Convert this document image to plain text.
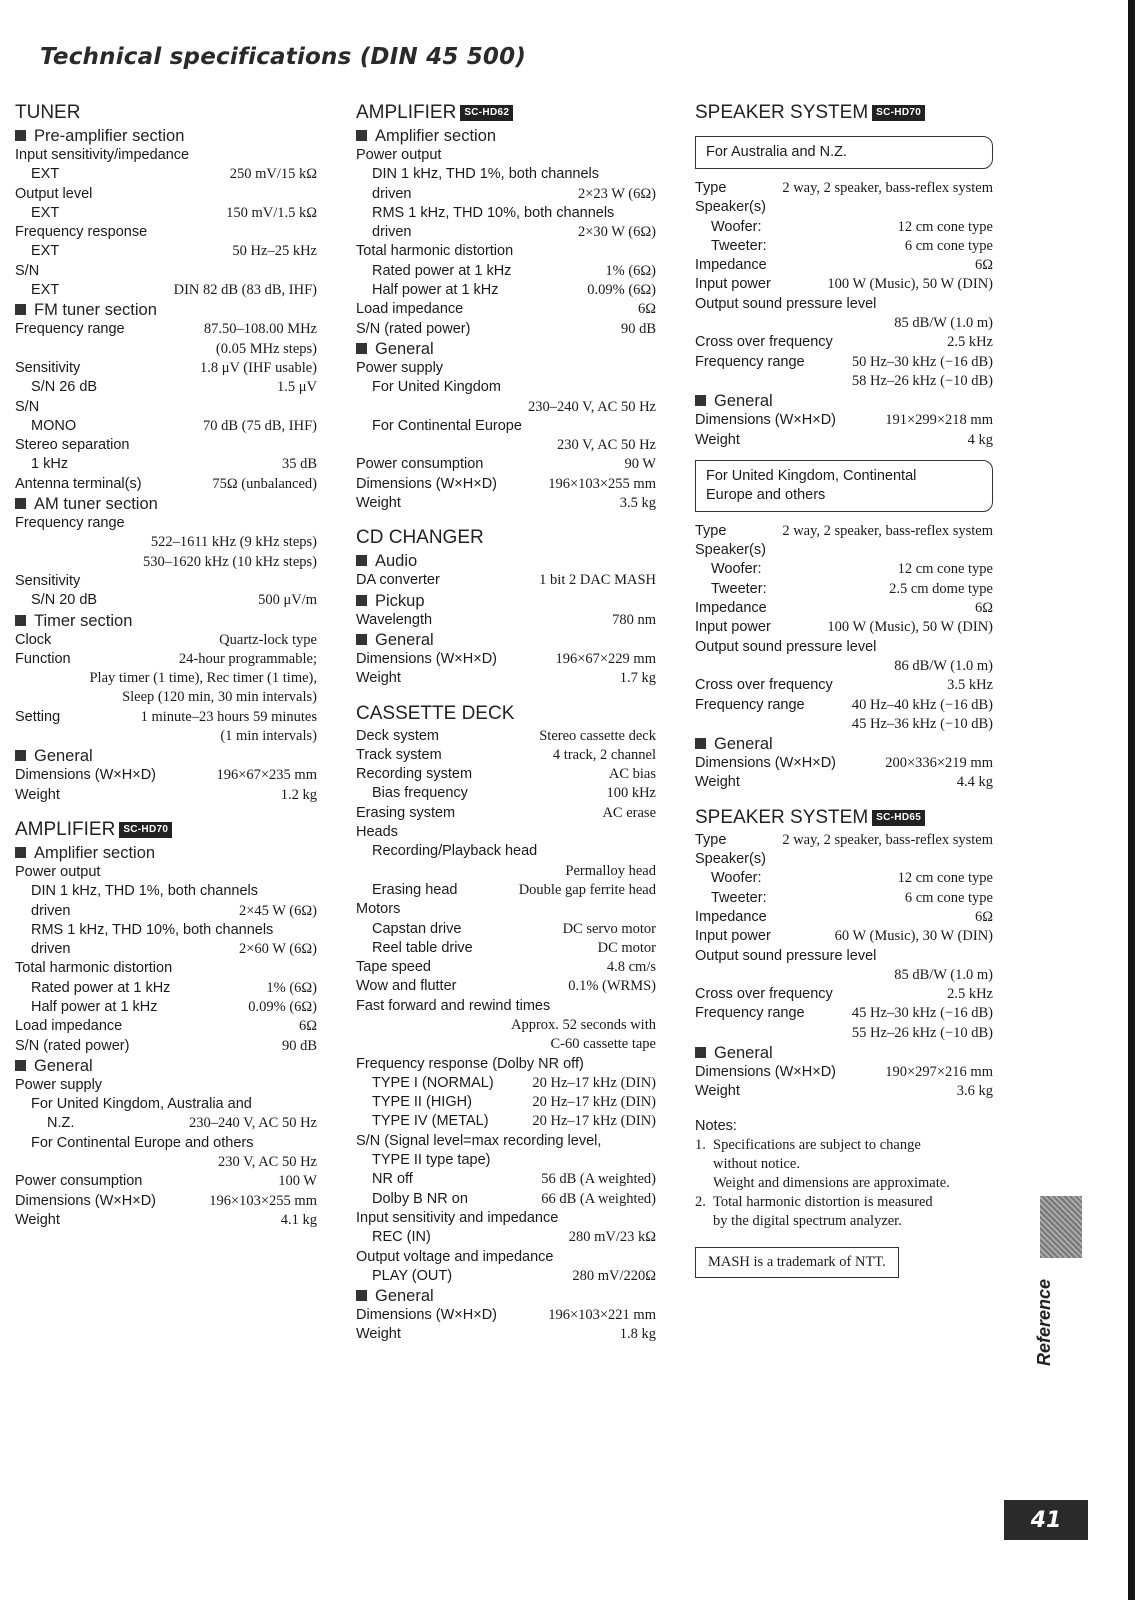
Technical specifications (DIN 45 500)
TUNER
Pre-amplifier section
Input sensitivity/impedance
EXT	250 mV/15 kΩ
Output level
EXT	150 mV/1.5 kΩ
Frequency response
EXT	50 Hz–25 kHz
S/N
EXT	DIN 82 dB (83 dB, IHF)
FM tuner section
Frequency range	87.50–108.00 MHz
(0.05 MHz steps)
Sensitivity	1.8 μV (IHF usable)
S/N 26 dB	1.5 μV
S/N
MONO	70 dB (75 dB, IHF)
Stereo separation
1 kHz	35 dB
Antenna terminal(s)	75Ω (unbalanced)
AM tuner section
Frequency range
522–1611 kHz (9 kHz steps)
530–1620 kHz (10 kHz steps)
Sensitivity
S/N 20 dB	500 μV/m
Timer section
Clock	Quartz-lock type
Function	24-hour programmable;
Play timer (1 time), Rec timer (1 time),
Sleep (120 min, 30 min intervals)
Setting	1 minute–23 hours 59 minutes
(1 min intervals)
General
Dimensions (W×H×D)	196×67×235 mm
Weight	1.2 kg
AMPLIFIER SC-HD70
Amplifier section
Power output
DIN 1 kHz, THD 1%, both channels
driven	2×45 W (6Ω)
RMS 1 kHz, THD 10%, both channels
driven	2×60 W (6Ω)
Total harmonic distortion
Rated power at 1 kHz	1% (6Ω)
Half power at 1 kHz	0.09% (6Ω)
Load impedance	6Ω
S/N (rated power)	90 dB
General
Power supply
For United Kingdom, Australia and
N.Z.	230–240 V, AC 50 Hz
For Continental Europe and others
230 V, AC 50 Hz
Power consumption	100 W
Dimensions (W×H×D)	196×103×255 mm
Weight	4.1 kg
AMPLIFIER SC-HD62
Amplifier section
Power output
DIN 1 kHz, THD 1%, both channels
driven	2×23 W (6Ω)
RMS 1 kHz, THD 10%, both channels
driven	2×30 W (6Ω)
Total harmonic distortion
Rated power at 1 kHz	1% (6Ω)
Half power at 1 kHz	0.09% (6Ω)
Load impedance	6Ω
S/N (rated power)	90 dB
General
Power supply
For United Kingdom
230–240 V, AC 50 Hz
For Continental Europe
230 V, AC 50 Hz
Power consumption	90 W
Dimensions (W×H×D)	196×103×255 mm
Weight	3.5 kg
CD CHANGER
Audio
DA converter	1 bit 2 DAC MASH
Pickup
Wavelength	780 nm
General
Dimensions (W×H×D)	196×67×229 mm
Weight	1.7 kg
CASSETTE DECK
Deck system	Stereo cassette deck
Track system	4 track, 2 channel
Recording system	AC bias
Bias frequency	100 kHz
Erasing system	AC erase
Heads
Recording/Playback head
Permalloy head
Erasing head	Double gap ferrite head
Motors
Capstan drive	DC servo motor
Reel table drive	DC motor
Tape speed	4.8 cm/s
Wow and flutter	0.1% (WRMS)
Fast forward and rewind times
Approx. 52 seconds with
C-60 cassette tape
Frequency response (Dolby NR off)
TYPE I (NORMAL)	20 Hz–17 kHz (DIN)
TYPE II (HIGH)	20 Hz–17 kHz (DIN)
TYPE IV (METAL)	20 Hz–17 kHz (DIN)
S/N (Signal level=max recording level,
TYPE II type tape)
NR off	56 dB (A weighted)
Dolby B NR on	66 dB (A weighted)
Input sensitivity and impedance
REC (IN)	280 mV/23 kΩ
Output voltage and impedance
PLAY (OUT)	280 mV/220Ω
General
Dimensions (W×H×D)	196×103×221 mm
Weight	1.8 kg
SPEAKER SYSTEM SC-HD70
For Australia and N.Z.
Type	2 way, 2 speaker, bass-reflex system
Speaker(s)
Woofer:	12 cm cone type
Tweeter:	6 cm cone type
Impedance	6Ω
Input power	100 W (Music), 50 W (DIN)
Output sound pressure level
85 dB/W (1.0 m)
Cross over frequency	2.5 kHz
Frequency range	50 Hz–30 kHz (−16 dB)
58 Hz–26 kHz (−10 dB)
General
Dimensions (W×H×D)	191×299×218 mm
Weight	4 kg
For United Kingdom, Continental
Europe and others
Type	2 way, 2 speaker, bass-reflex system
Speaker(s)
Woofer:	12 cm cone type
Tweeter:	2.5 cm dome type
Impedance	6Ω
Input power	100 W (Music), 50 W (DIN)
Output sound pressure level
86 dB/W (1.0 m)
Cross over frequency	3.5 kHz
Frequency range	40 Hz–40 kHz (−16 dB)
45 Hz–36 kHz (−10 dB)
General
Dimensions (W×H×D)	200×336×219 mm
Weight	4.4 kg
SPEAKER SYSTEM SC-HD65
Type	2 way, 2 speaker, bass-reflex system
Speaker(s)
Woofer:	12 cm cone type
Tweeter:	6 cm cone type
Impedance	6Ω
Input power	60 W (Music), 30 W (DIN)
Output sound pressure level
85 dB/W (1.0 m)
Cross over frequency	2.5 kHz
Frequency range	45 Hz–30 kHz (−16 dB)
55 Hz–26 kHz (−10 dB)
General
Dimensions (W×H×D)	190×297×216 mm
Weight	3.6 kg
Notes:
1. Specifications are subject to change
without notice.
Weight and dimensions are approximate.
2. Total harmonic distortion is measured
by the digital spectrum analyzer.
MASH is a trademark of NTT.
Reference
41
